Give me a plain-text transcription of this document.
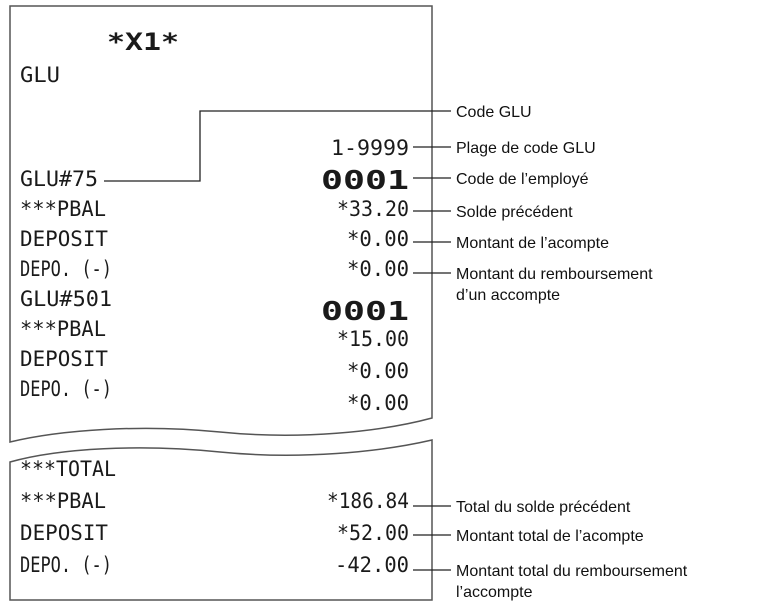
*X1*
GLU
1-9999
GLU#75
***PBAL
DEPOSIT
DEPO. (-)
GLU#501
***PBAL
DEPOSIT
DEPO. (-)
0001
*33.20
*0.00
*0.00
0001
*15.00
*0.00
*0.00
***TOTAL
***PBAL
DEPOSIT
DEPO. (-)
*186.84
*52.00
-42.00
Code GLU
Plage de code GLU
Code de l’employé
Solde précédent
Montant de l’acompte
Montant du remboursement
d’un accompte
Total du solde précédent
Montant total de l’acompte
Montant total du remboursement
l’accompte
